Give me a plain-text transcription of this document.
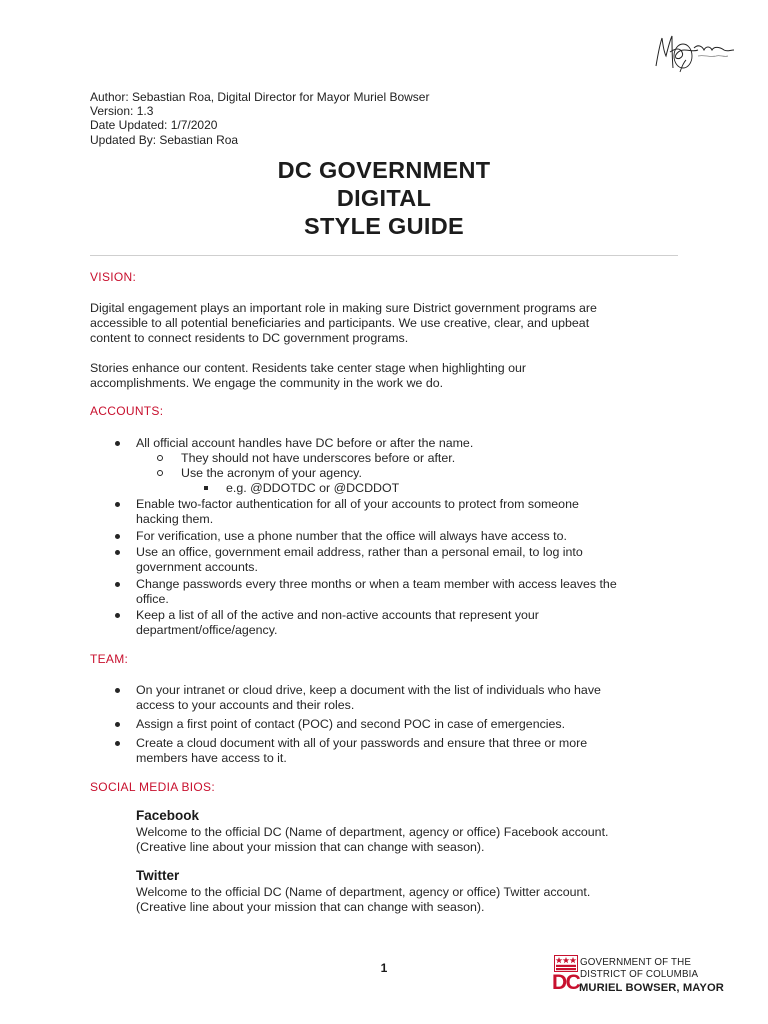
Author: Sebastian Roa, Digital Director for Mayor Muriel Bowser
Version: 1.3
Date Updated: 1/7/2020
Updated By: Sebastian Roa
DC GOVERNMENT
DIGITAL
STYLE GUIDE
VISION:
Digital engagement plays an important role in making sure District government programs are
accessible to all potential beneficiaries and participants. We use creative, clear, and upbeat
content to connect residents to DC government programs.
Stories enhance our content. Residents take center stage when highlighting our
accomplishments. We engage the community in the work we do.
ACCOUNTS:
All official account handles have DC before or after the name.
They should not have underscores before or after.
Use the acronym of your agency.
e.g. @DDOTDC or @DCDDOT
Enable two-factor authentication for all of your accounts to protect from someone
hacking them.
For verification, use a phone number that the office will always have access to.
Use an office, government email address, rather than a personal email, to log into
government accounts.
Change passwords every three months or when a team member with access leaves the
office.
Keep a list of all of the active and non-active accounts that represent your
department/office/agency.
TEAM:
On your intranet or cloud drive, keep a document with the list of individuals who have
access to your accounts and their roles.
Assign a first point of contact (POC) and second POC in case of emergencies.
Create a cloud document with all of your passwords and ensure that three or more
members have access to it.
SOCIAL MEDIA BIOS:
Facebook
Welcome to the official DC (Name of department, agency or office) Facebook account.
(Creative line about your mission that can change with season).
Twitter
Welcome to the official DC (Name of department, agency or office) Twitter account.
(Creative line about your mission that can change with season).
1
DC
GOVERNMENT OF THE
DISTRICT OF COLUMBIA
MURIEL BOWSER, MAYOR
